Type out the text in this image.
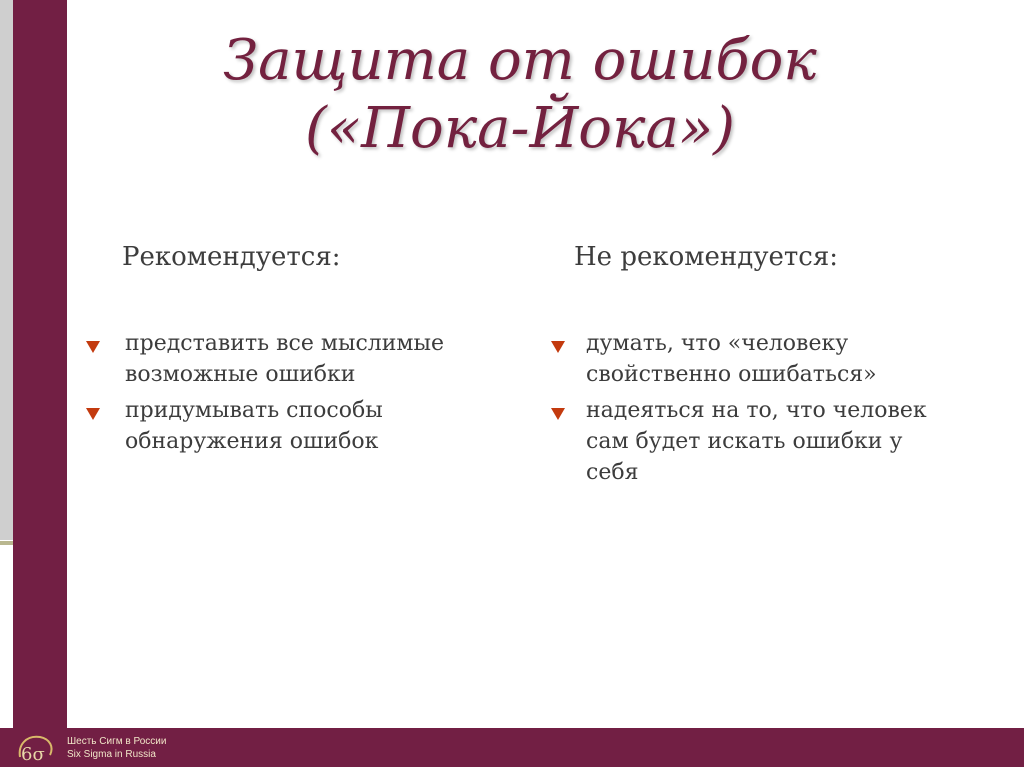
6σ
Шесть Сигм в России
Six Sigma in Russia
Защита от ошибок
(«Пока-Йока»)
Рекомендуется:	Не рекомендуется:
представить все мыслимые
возможные ошибки
придумывать способы
обнаружения ошибок
думать, что «человеку
свойственно ошибаться»
надеяться на то, что человек
сам будет искать ошибки у
себя
